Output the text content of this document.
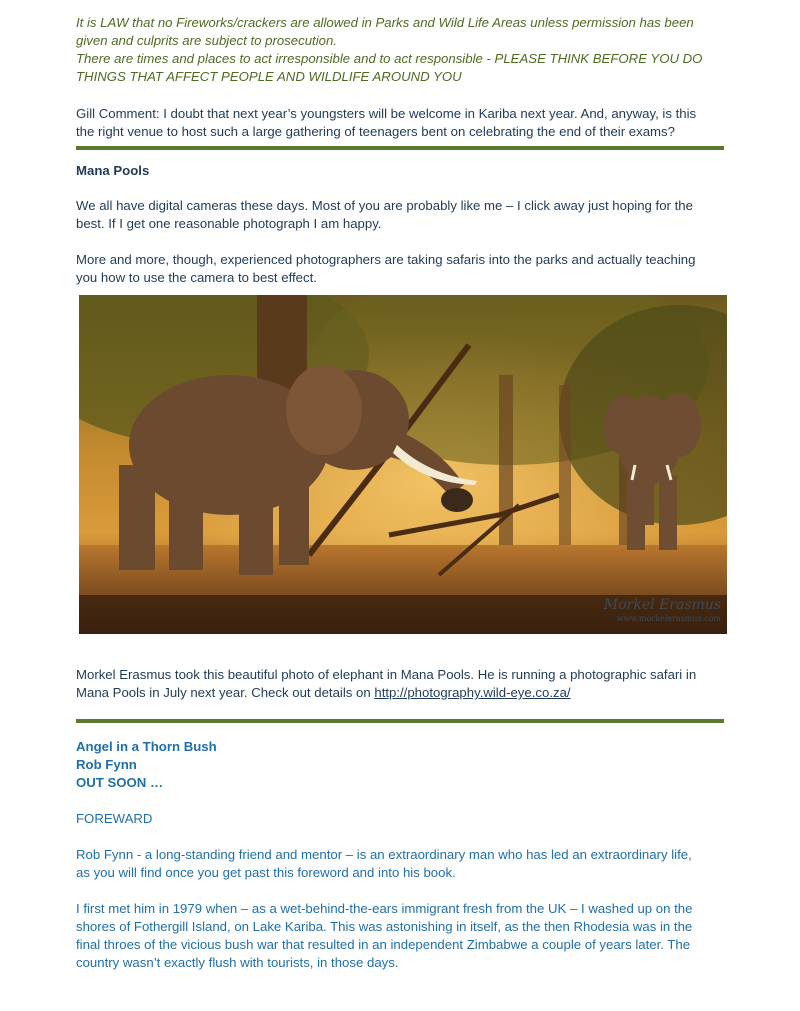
It is LAW that no Fireworks/crackers are allowed in Parks and Wild Life Areas unless permission has been

given and culprits are subject to prosecution.

There are times and places to act irresponsible and to act responsible - PLEASE THINK BEFORE YOU DO

THINGS THAT AFFECT PEOPLE AND WILDLIFE AROUND YOU

Gill Comment: I doubt that next year’s youngsters will be welcome in Kariba next year. And, anyway, is this

the right venue to host such a large gathering of teenagers bent on celebrating the end of their exams?

Mana Pools

We all have digital cameras these days. Most of you are probably like me – I click away just hoping for the

best. If I get one reasonable photograph I am happy.

More and more, though, experienced photographers are taking safaris into the parks and actually teaching

you how to use the camera to best effect.

Morkel Erasmus
www.morkelerasmus.com

Morkel Erasmus took this beautiful photo of elephant in Mana Pools. He is running a photographic safari in

Mana Pools in July next year. Check out details on http://photography.wild-eye.co.za/

Angel in a Thorn Bush

Rob Fynn

OUT SOON …

FOREWARD

Rob Fynn - a long-standing friend and mentor – is an extraordinary man who has led an extraordinary life,

as you will find once you get past this foreword and into his book.

I first met him in 1979 when – as a wet-behind-the-ears immigrant fresh from the UK – I washed up on the

shores of Fothergill Island, on Lake Kariba. This was astonishing in itself, as the then Rhodesia was in the

final throes of the vicious bush war that resulted in an independent Zimbabwe a couple of years later. The

country wasn’t exactly flush with tourists, in those days.
